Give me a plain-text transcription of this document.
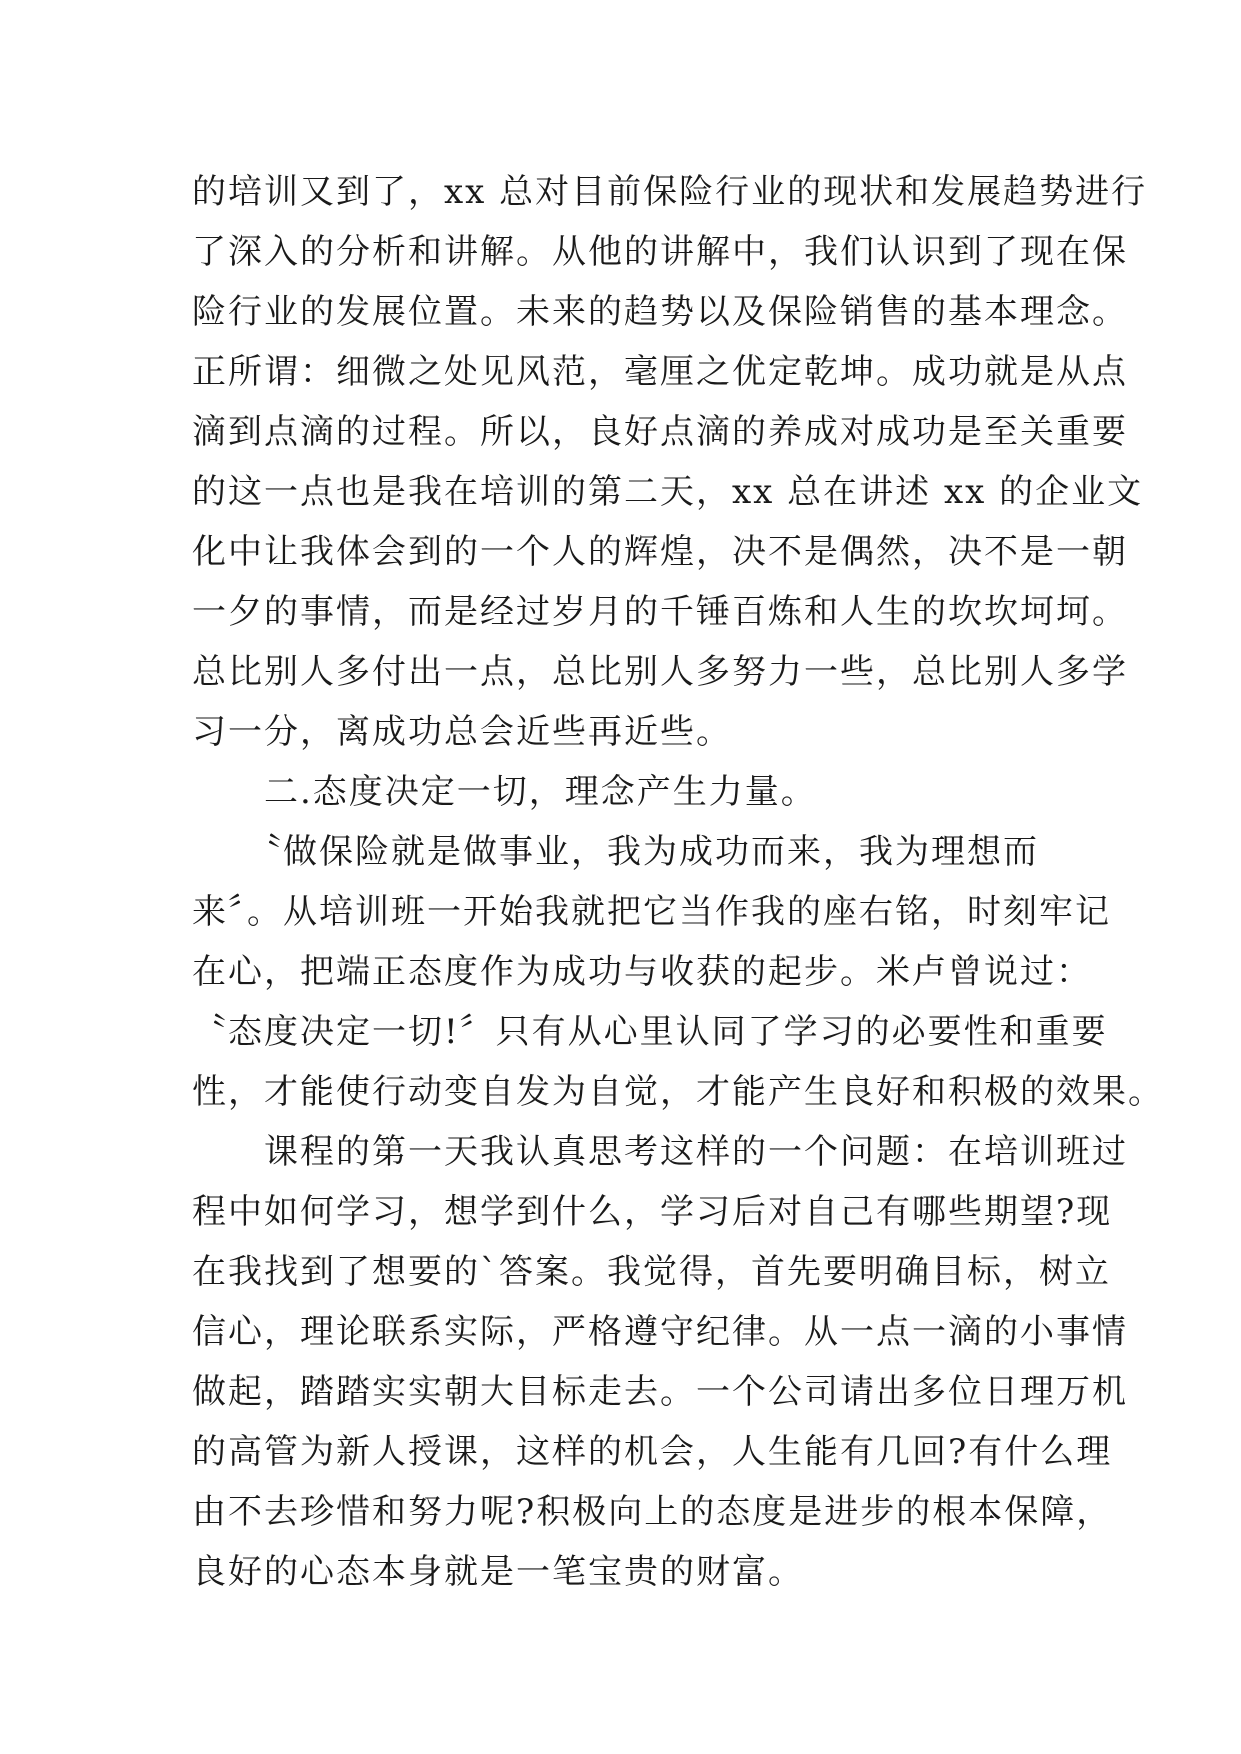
的培训又到了，xx 总对目前保险行业的现状和发展趋势进行
了深入的分析和讲解。从他的讲解中，我们认识到了现在保
险行业的发展位置。未来的趋势以及保险销售的基本理念。
正所谓：细微之处见风范，毫厘之优定乾坤。成功就是从点
滴到点滴的过程。所以，良好点滴的养成对成功是至关重要
的这一点也是我在培训的第二天，xx 总在讲述 xx 的企业文
化中让我体会到的一个人的辉煌，决不是偶然，决不是一朝
一夕的事情，而是经过岁月的千锤百炼和人生的坎坎坷坷。
总比别人多付出一点，总比别人多努力一些，总比别人多学
习一分，离成功总会近些再近些。
　　二.态度决定一切，理念产生力量。
　　〝做保险就是做事业，我为成功而来，我为理想而
来〞。从培训班一开始我就把它当作我的座右铭，时刻牢记
在心，把端正态度作为成功与收获的起步。米卢曾说过：
〝态度决定一切!〞只有从心里认同了学习的必要性和重要
性，才能使行动变自发为自觉，才能产生良好和积极的效果。
　　课程的第一天我认真思考这样的一个问题：在培训班过
程中如何学习，想学到什么，学习后对自己有哪些期望?现
在我找到了想要的`答案。我觉得，首先要明确目标，树立
信心，理论联系实际，严格遵守纪律。从一点一滴的小事情
做起，踏踏实实朝大目标走去。一个公司请出多位日理万机
的高管为新人授课，这样的机会，人生能有几回?有什么理
由不去珍惜和努力呢?积极向上的态度是进步的根本保障，
良好的心态本身就是一笔宝贵的财富。
